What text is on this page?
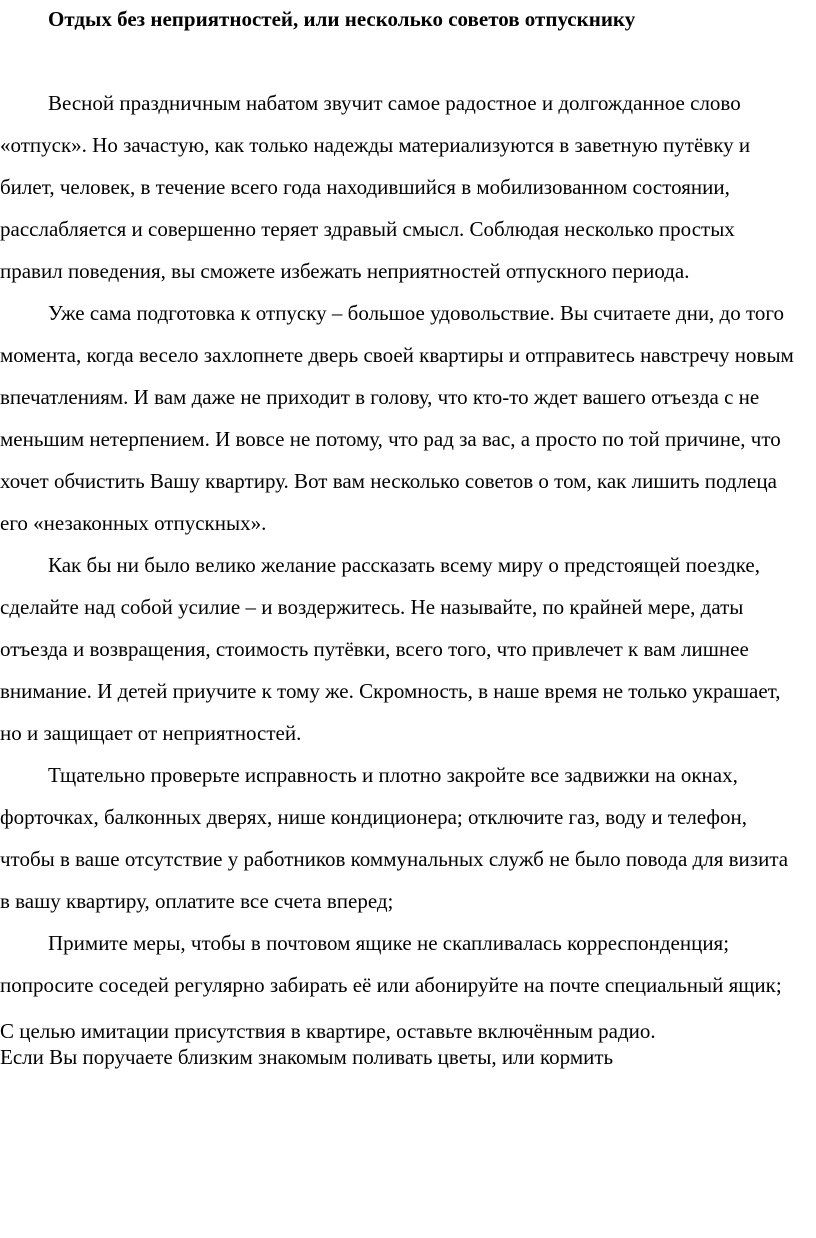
Отдых без неприятностей, или несколько советов отпускнику

Весной праздничным набатом звучит самое радостное и долгожданное слово «отпуск». Но зачастую, как только надежды материализуются в заветную путёвку и билет, человек, в течение всего года находившийся в мобилизованном состоянии, расслабляется и совершенно теряет здравый смысл. Соблюдая несколько простых правил поведения, вы сможете избежать неприятностей отпускного периода.

Уже сама подготовка к отпуску – большое удовольствие. Вы считаете дни, до того момента, когда весело захлопнете дверь своей квартиры и отправитесь навстречу новым впечатлениям. И вам даже не приходит в голову, что кто-то ждет вашего отъезда с не меньшим нетерпением. И вовсе не потому, что рад за вас, а просто по той причине, что хочет обчистить Вашу квартиру. Вот вам несколько советов о том, как лишить подлеца его «незаконных отпускных».

Как бы ни было велико желание рассказать всему миру о предстоящей поездке, сделайте над собой усилие – и воздержитесь. Не называйте, по крайней мере, даты отъезда и возвращения, стоимость путёвки, всего того, что привлечет к вам лишнее внимание. И детей приучите к тому же. Скромность, в наше время не только украшает, но и защищает от неприятностей.

Тщательно проверьте исправность и плотно закройте все задвижки на окнах, форточках, балконных дверях, нише кондиционера; отключите газ, воду и телефон, чтобы в ваше отсутствие у работников коммунальных служб не было повода для визита в вашу квартиру, оплатите все счета вперед;

Примите меры, чтобы в почтовом ящике не скапливалась корреспонденция; попросите соседей регулярно забирать её или абонируйте на почте специальный ящик;

С целью имитации присутствия в квартире, оставьте включённым радио.

Если Вы поручаете близким знакомым поливать цветы, или кормить
